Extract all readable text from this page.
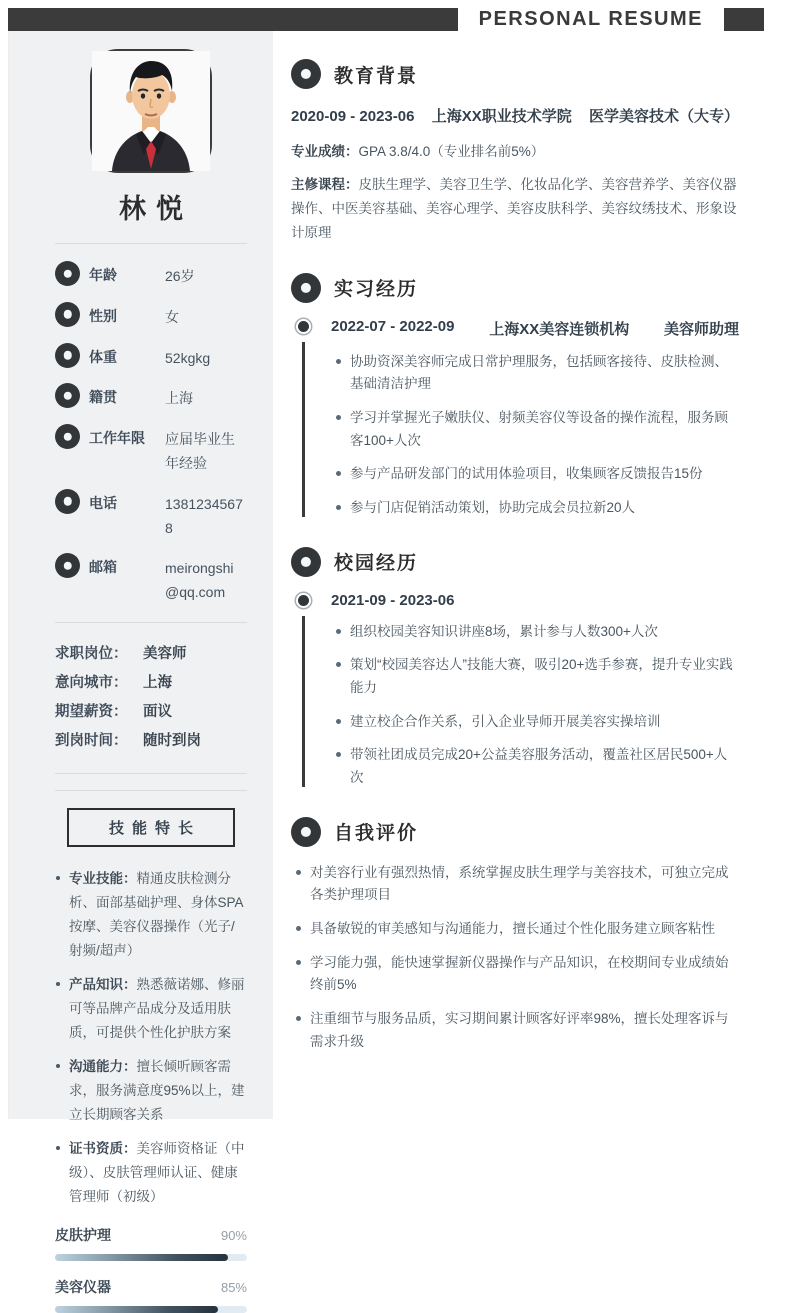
PERSONAL RESUME
林悦
年龄	26岁
性别	女
体重	52kgkg
籍贯	上海
工作年限	应届毕业生年经验
电话	13812345678
邮箱	meirongshi@qq.com
求职岗位：	美容师
意向城市：	上海
期望薪资：	面议
到岗时间：	随时到岗
技能特长
专业技能：精通皮肤检测分析、面部基础护理、身体SPA按摩、美容仪器操作（光子/射频/超声）
产品知识：熟悉薇诺娜、修丽可等品牌产品成分及适用肤质，可提供个性化护肤方案
沟通能力：擅长倾听顾客需求，服务满意度95%以上，建立长期顾客关系
证书资质：美容师资格证（中级）、皮肤管理师认证、健康管理师（初级）
皮肤护理	90%
美容仪器	85%
教育背景
2020-09 - 2023-06 上海XX职业技术学院 医学美容技术（大专）
专业成绩：GPA 3.8/4.0（专业排名前5%）
主修课程：皮肤生理学、美容卫生学、化妆品化学、美容营养学、美容仪器操作、中医美容基础、美容心理学、美容皮肤科学、美容纹绣技术、形象设计原理
实习经历
2022-07 - 2022-09 上海XX美容连锁机构 美容师助理
协助资深美容师完成日常护理服务，包括顾客接待、皮肤检测、基础清洁护理
学习并掌握光子嫩肤仪、射频美容仪等设备的操作流程，服务顾客100+人次
参与产品研发部门的试用体验项目，收集顾客反馈报告15份
参与门店促销活动策划，协助完成会员拉新20人
校园经历
2021-09 - 2023-06
组织校园美容知识讲座8场，累计参与人数300+人次
策划“校园美容达人”技能大赛，吸引20+选手参赛，提升专业实践能力
建立校企合作关系，引入企业导师开展美容实操培训
带领社团成员完成20+公益美容服务活动，覆盖社区居民500+人次
自我评价
对美容行业有强烈热情，系统掌握皮肤生理学与美容技术，可独立完成各类护理项目
具备敏锐的审美感知与沟通能力，擅长通过个性化服务建立顾客粘性
学习能力强，能快速掌握新仪器操作与产品知识，在校期间专业成绩始终前5%
注重细节与服务品质，实习期间累计顾客好评率98%，擅长处理客诉与需求升级
